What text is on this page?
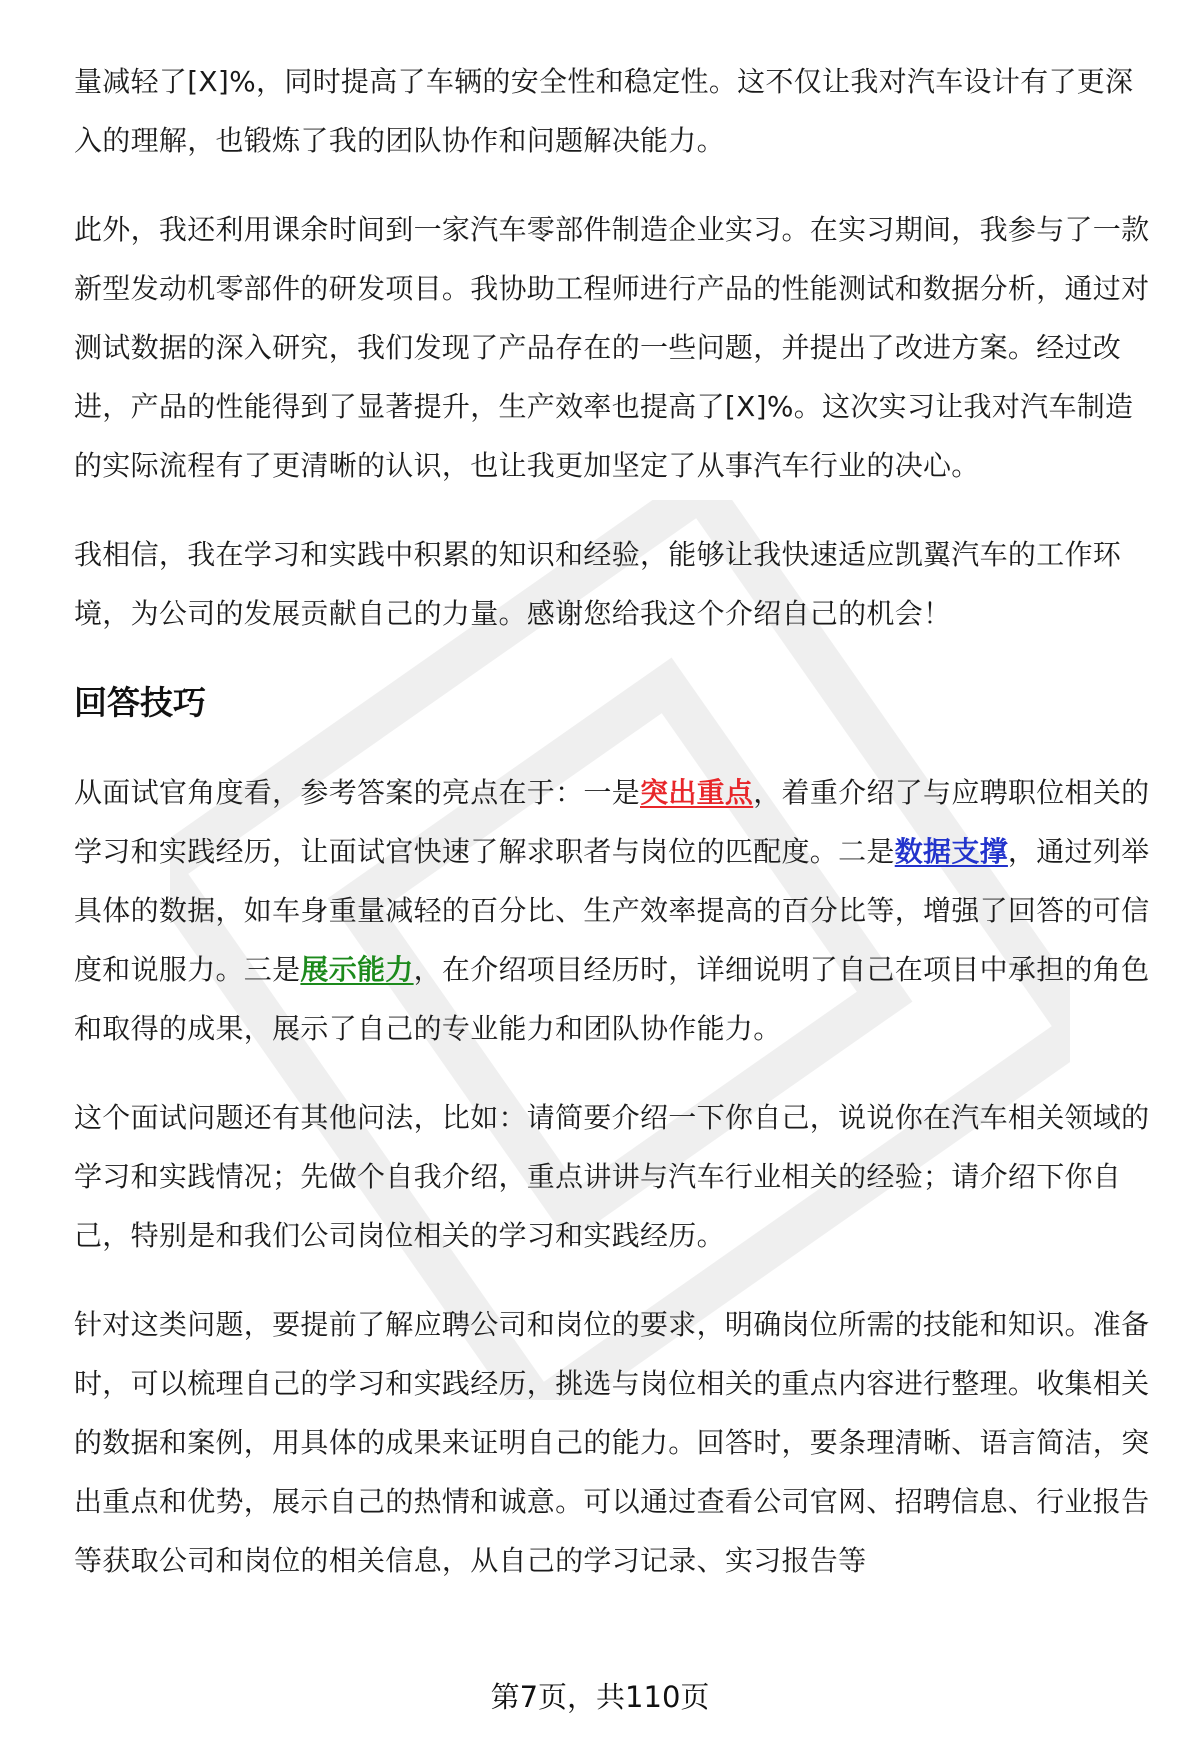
量减轻了[X]%，同时提高了车辆的安全性和稳定性。这不仅让我对汽车设计有了更深入的理解，也锻炼了我的团队协作和问题解决能力。

此外，我还利用课余时间到一家汽车零部件制造企业实习。在实习期间，我参与了一款新型发动机零部件的研发项目。我协助工程师进行产品的性能测试和数据分析，通过对测试数据的深入研究，我们发现了产品存在的一些问题，并提出了改进方案。经过改进，产品的性能得到了显著提升，生产效率也提高了[X]%。这次实习让我对汽车制造的实际流程有了更清晰的认识，也让我更加坚定了从事汽车行业的决心。

我相信，我在学习和实践中积累的知识和经验，能够让我快速适应凯翼汽车的工作环境，为公司的发展贡献自己的力量。感谢您给我这个介绍自己的机会！

回答技巧

从面试官角度看，参考答案的亮点在于：一是突出重点，着重介绍了与应聘职位相关的学习和实践经历，让面试官快速了解求职者与岗位的匹配度。二是数据支撑，通过列举具体的数据，如车身重量减轻的百分比、生产效率提高的百分比等，增强了回答的可信度和说服力。三是展示能力，在介绍项目经历时，详细说明了自己在项目中承担的角色和取得的成果，展示了自己的专业能力和团队协作能力。

这个面试问题还有其他问法，比如：请简要介绍一下你自己，说说你在汽车相关领域的学习和实践情况；先做个自我介绍，重点讲讲与汽车行业相关的经验；请介绍下你自己，特别是和我们公司岗位相关的学习和实践经历。

针对这类问题，要提前了解应聘公司和岗位的要求，明确岗位所需的技能和知识。准备时，可以梳理自己的学习和实践经历，挑选与岗位相关的重点内容进行整理。收集相关的数据和案例，用具体的成果来证明自己的能力。回答时，要条理清晰、语言简洁，突出重点和优势，展示自己的热情和诚意。可以通过查看公司官网、招聘信息、行业报告等获取公司和岗位的相关信息，从自己的学习记录、实习报告等

第7页，共110页
